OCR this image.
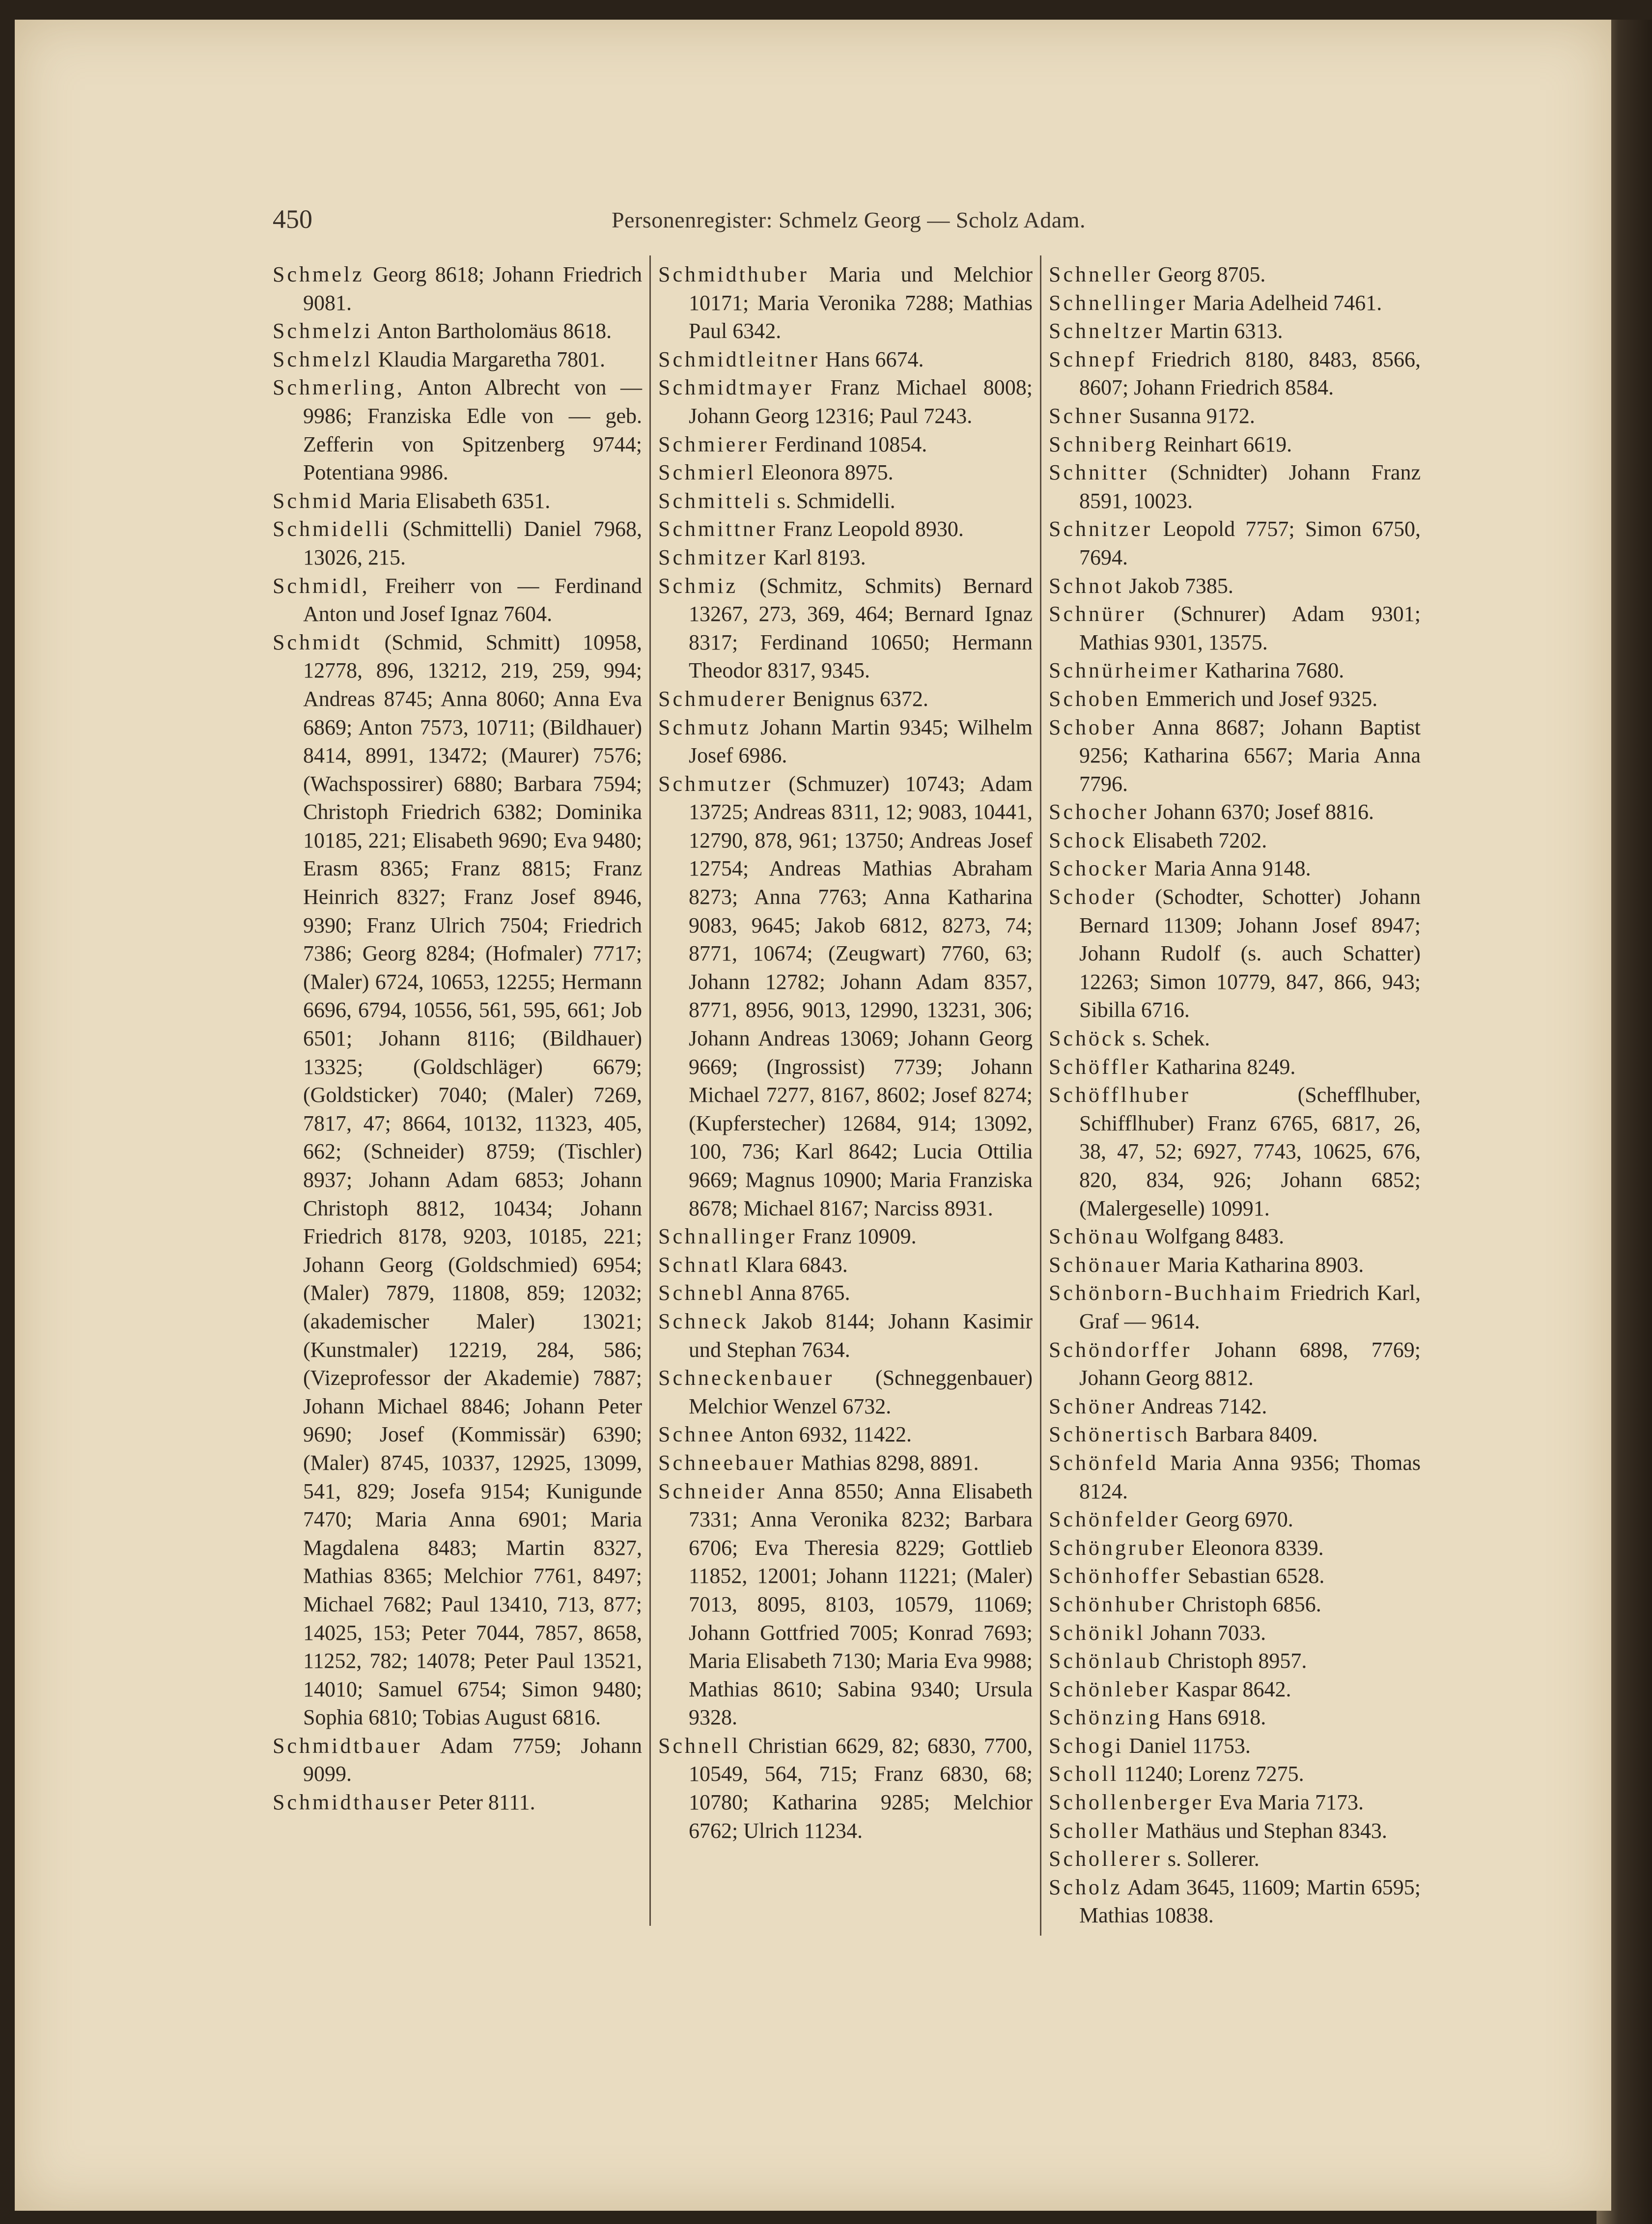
450	Personenregister: Schmelz Georg — Scholz Adam.

Schmelz Georg 8618; Johann Friedrich 9081.

Schmelzi Anton Bartholomäus 8618.

Schmelzl Klaudia Margaretha 7801.

Schmerling, Anton Albrecht von — 9986; Franziska Edle von — geb. Zefferin von Spitzenberg 9744; Potentiana 9986.

Schmid Maria Elisabeth 6351.

Schmidelli (Schmittelli) Daniel 7968, 13026, 215.

Schmidl, Freiherr von — Ferdinand Anton und Josef Ignaz 7604.

Schmidt (Schmid, Schmitt) 10958, 12778, 896, 13212, 219, 259, 994; Andreas 8745; Anna 8060; Anna Eva 6869; Anton 7573, 10711; (Bildhauer) 8414, 8991, 13472; (Maurer) 7576; (Wachspossirer) 6880; Barbara 7594; Christoph Friedrich 6382; Dominika 10185, 221; Elisabeth 9690; Eva 9480; Erasm 8365; Franz 8815; Franz Heinrich 8327; Franz Josef 8946, 9390; Franz Ulrich 7504; Friedrich 7386; Georg 8284; (Hofmaler) 7717; (Maler) 6724, 10653, 12255; Hermann 6696, 6794, 10556, 561, 595, 661; Job 6501; Johann 8116; (Bildhauer) 13325; (Goldschläger) 6679; (Goldsticker) 7040; (Maler) 7269, 7817, 47; 8664, 10132, 11323, 405, 662; (Schneider) 8759; (Tischler) 8937; Johann Adam 6853; Johann Christoph 8812, 10434; Johann Friedrich 8178, 9203, 10185, 221; Johann Georg (Goldschmied) 6954; (Maler) 7879, 11808, 859; 12032; (akademischer Maler) 13021; (Kunstmaler) 12219, 284, 586; (Vizeprofessor der Akademie) 7887; Johann Michael 8846; Johann Peter 9690; Josef (Kommissär) 6390; (Maler) 8745, 10337, 12925, 13099, 541, 829; Josefa 9154; Kunigunde 7470; Maria Anna 6901; Maria Magdalena 8483; Martin 8327, Mathias 8365; Melchior 7761, 8497; Michael 7682; Paul 13410, 713, 877; 14025, 153; Peter 7044, 7857, 8658, 11252, 782; 14078; Peter Paul 13521, 14010; Samuel 6754; Simon 9480; Sophia 6810; Tobias August 6816.

Schmidtbauer Adam 7759; Johann 9099.

Schmidthauser Peter 8111.

Schmidthuber Maria und Melchior 10171; Maria Veronika 7288; Mathias Paul 6342.

Schmidtleitner Hans 6674.

Schmidtmayer Franz Michael 8008; Johann Georg 12316; Paul 7243.

Schmierer Ferdinand 10854.

Schmierl Eleonora 8975.

Schmitteli s. Schmidelli.

Schmittner Franz Leopold 8930.

Schmitzer Karl 8193.

Schmiz (Schmitz, Schmits) Bernard 13267, 273, 369, 464; Bernard Ignaz 8317; Ferdinand 10650; Hermann Theodor 8317, 9345.

Schmuderer Benignus 6372.

Schmutz Johann Martin 9345; Wilhelm Josef 6986.

Schmutzer (Schmuzer) 10743; Adam 13725; Andreas 8311, 12; 9083, 10441, 12790, 878, 961; 13750; Andreas Josef 12754; Andreas Mathias Abraham 8273; Anna 7763; Anna Katharina 9083, 9645; Jakob 6812, 8273, 74; 8771, 10674; (Zeugwart) 7760, 63; Johann 12782; Johann Adam 8357, 8771, 8956, 9013, 12990, 13231, 306; Johann Andreas 13069; Johann Georg 9669; (Ingrossist) 7739; Johann Michael 7277, 8167, 8602; Josef 8274; (Kupferstecher) 12684, 914; 13092, 100, 736; Karl 8642; Lucia Ottilia 9669; Magnus 10900; Maria Franziska 8678; Michael 8167; Narciss 8931.

Schnallinger Franz 10909.

Schnatl Klara 6843.

Schnebl Anna 8765.

Schneck Jakob 8144; Johann Kasimir und Stephan 7634.

Schneckenbauer (Schneggenbauer) Melchior Wenzel 6732.

Schnee Anton 6932, 11422.

Schneebauer Mathias 8298, 8891.

Schneider Anna 8550; Anna Elisabeth 7331; Anna Veronika 8232; Barbara 6706; Eva Theresia 8229; Gottlieb 11852, 12001; Johann 11221; (Maler) 7013, 8095, 8103, 10579, 11069; Johann Gottfried 7005; Konrad 7693; Maria Elisabeth 7130; Maria Eva 9988; Mathias 8610; Sabina 9340; Ursula 9328.

Schnell Christian 6629, 82; 6830, 7700, 10549, 564, 715; Franz 6830, 68; 10780; Katharina 9285; Melchior 6762; Ulrich 11234.

Schneller Georg 8705.

Schnellinger Maria Adelheid 7461.

Schneltzer Martin 6313.

Schnepf Friedrich 8180, 8483, 8566, 8607; Johann Friedrich 8584.

Schner Susanna 9172.

Schniberg Reinhart 6619.

Schnitter (Schnidter) Johann Franz 8591, 10023.

Schnitzer Leopold 7757; Simon 6750, 7694.

Schnot Jakob 7385.

Schnürer (Schnurer) Adam 9301; Mathias 9301, 13575.

Schnürheimer Katharina 7680.

Schoben Emmerich und Josef 9325.

Schober Anna 8687; Johann Baptist 9256; Katharina 6567; Maria Anna 7796.

Schocher Johann 6370; Josef 8816.

Schock Elisabeth 7202.

Schocker Maria Anna 9148.

Schoder (Schodter, Schotter) Johann Bernard 11309; Johann Josef 8947; Johann Rudolf (s. auch Schatter) 12263; Simon 10779, 847, 866, 943; Sibilla 6716.

Schöck s. Schek.

Schöffler Katharina 8249.

Schöfflhuber	(Schefflhuber, Schifflhuber) Franz 6765, 6817, 26, 38, 47, 52; 6927, 7743, 10625, 676, 820, 834, 926; Johann 6852; (Malergeselle) 10991.

Schönau Wolfgang 8483.

Schönauer Maria Katharina 8903.

Schönborn-Buchhaim Friedrich Karl, Graf — 9614.

Schöndorffer Johann 6898, 7769; Johann Georg 8812.

Schöner Andreas 7142.

Schönertisch Barbara 8409.

Schönfeld Maria Anna 9356; Thomas 8124.

Schönfelder Georg 6970.

Schöngruber Eleonora 8339.

Schönhoffer Sebastian 6528.

Schönhuber Christoph 6856.

Schönikl Johann 7033.

Schönlaub Christoph 8957.

Schönleber Kaspar 8642.

Schönzing Hans 6918.

Schogi Daniel 11753.

Scholl 11240; Lorenz 7275.

Schollenberger Eva Maria 7173.

Scholler Mathäus und Stephan 8343.

Schollerer s. Sollerer.

Scholz Adam 3645, 11609; Martin 6595; Mathias 10838.
